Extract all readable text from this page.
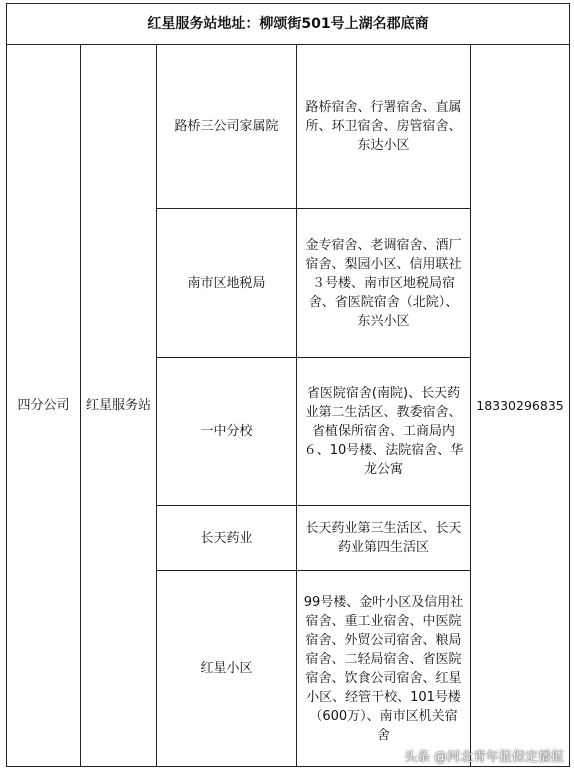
红星服务站地址：柳颂街501号上湖名郡底商
四分公司	红星服务站	18330296835
路桥三公司家属院
路桥宿舍、行署宿舍、直属所、环卫宿舍、房管宿舍、东达小区
南市区地税局
金专宿舍、老调宿舍、酒厂宿舍、梨园小区、信用联社３号楼、南市区地税局宿舍、省医院宿舍（北院）、东兴小区
一中分校
省医院宿舍(南院)、长天药业第二生活区、教委宿舍、省植保所宿舍、工商局内６、10号楼、法院宿舍、华龙公寓
长天药业
长天药业第三生活区、长天药业第四生活区
红星小区
99号楼、金叶小区及信用社宿舍、重工业宿舍、中医院宿舍、外贸公司宿舍、粮局宿舍、二轻局宿舍、省医院宿舍、饮食公司宿舍、红星小区、经管干校、101号楼（600万）、南市区机关宿舍
头条 @河北青年报保定播报
